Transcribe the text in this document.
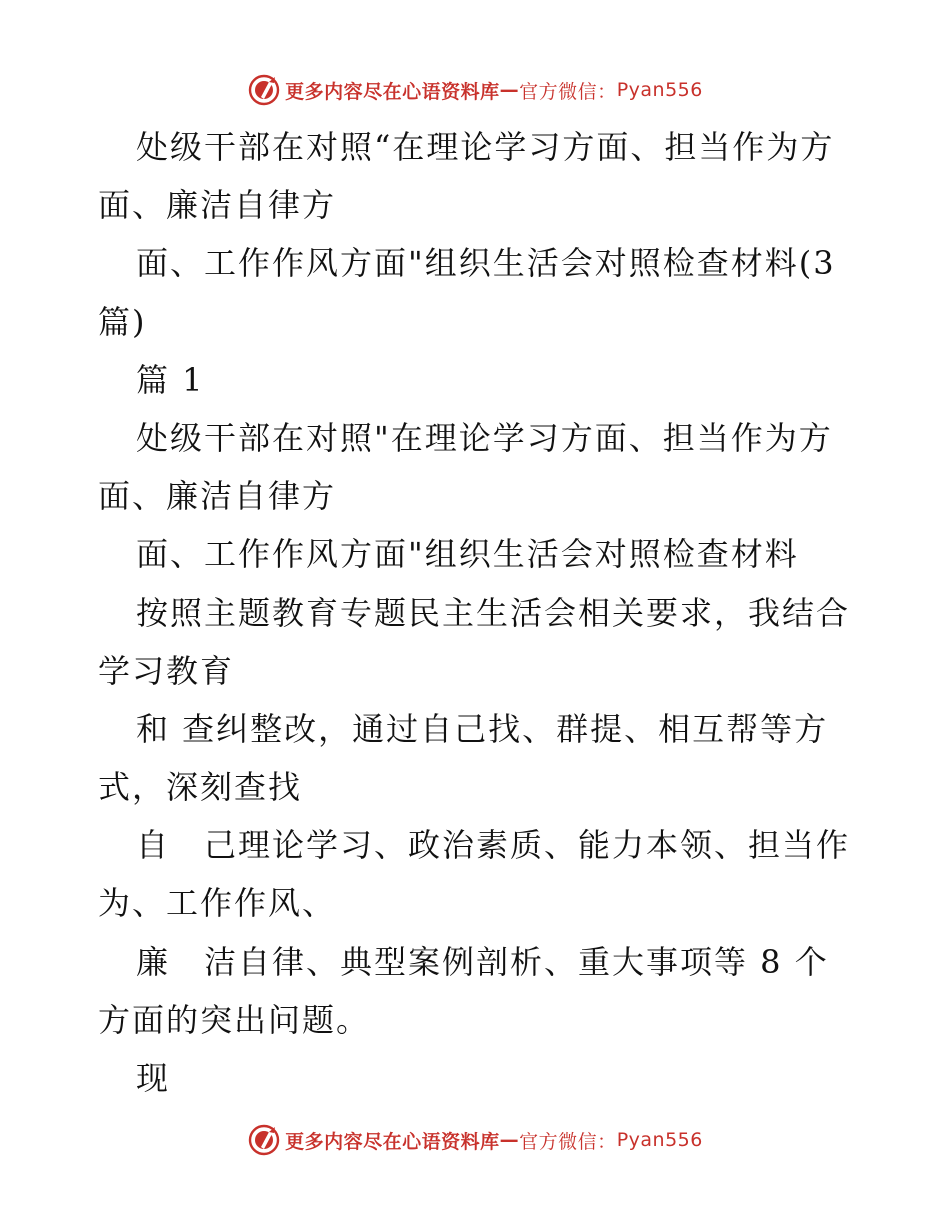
更多内容尽在心语资料库 — 官方微信： Pyan556
处级干部在对照“在理论学习方面、担当作为方
面、廉洁自律方
面、工作作风方面"组织生活会对照检查材料(3
篇)
篇 1
处级干部在对照"在理论学习方面、担当作为方
面、廉洁自律方
面、工作作风方面"组织生活会对照检查材料
按照主题教育专题民主生活会相关要求，我结合
学习教育
和 查纠整改，通过自己找、群提、相互帮等方
式，深刻查找
自　己理论学习、政治素质、能力本领、担当作
为、工作作风、
廉　洁自律、典型案例剖析、重大事项等 8 个
方面的突出问题。
现
更多内容尽在心语资料库 — 官方微信： Pyan556
